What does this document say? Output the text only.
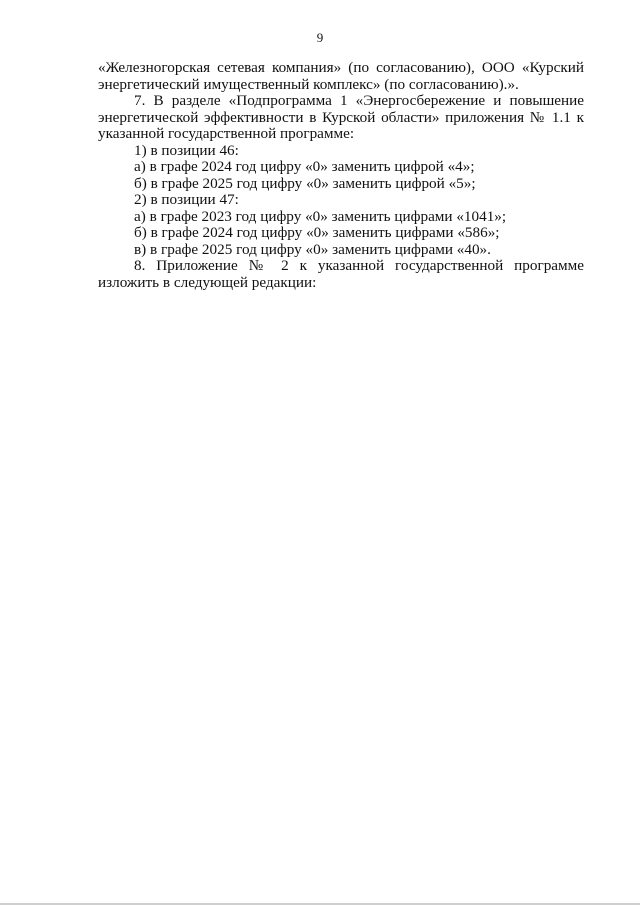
9

«Железногорская сетевая компания» (по согласованию), ООО «Курский энергетический имущественный комплекс» (по согласованию).».

7. В разделе «Подпрограмма 1 «Энергосбережение и повышение энергетической эффективности в Курской области» приложения № 1.1 к указанной государственной программе:

1) в позиции 46:

а) в графе 2024 год цифру «0» заменить цифрой «4»;

б) в графе 2025 год цифру «0» заменить цифрой «5»;

2) в позиции 47:

а) в графе 2023 год цифру «0» заменить цифрами «1041»;

б) в графе 2024 год цифру «0» заменить цифрами «586»;

в) в графе 2025 год цифру «0» заменить цифрами «40».

8. Приложение № 2 к указанной государственной программе изложить в следующей редакции:
